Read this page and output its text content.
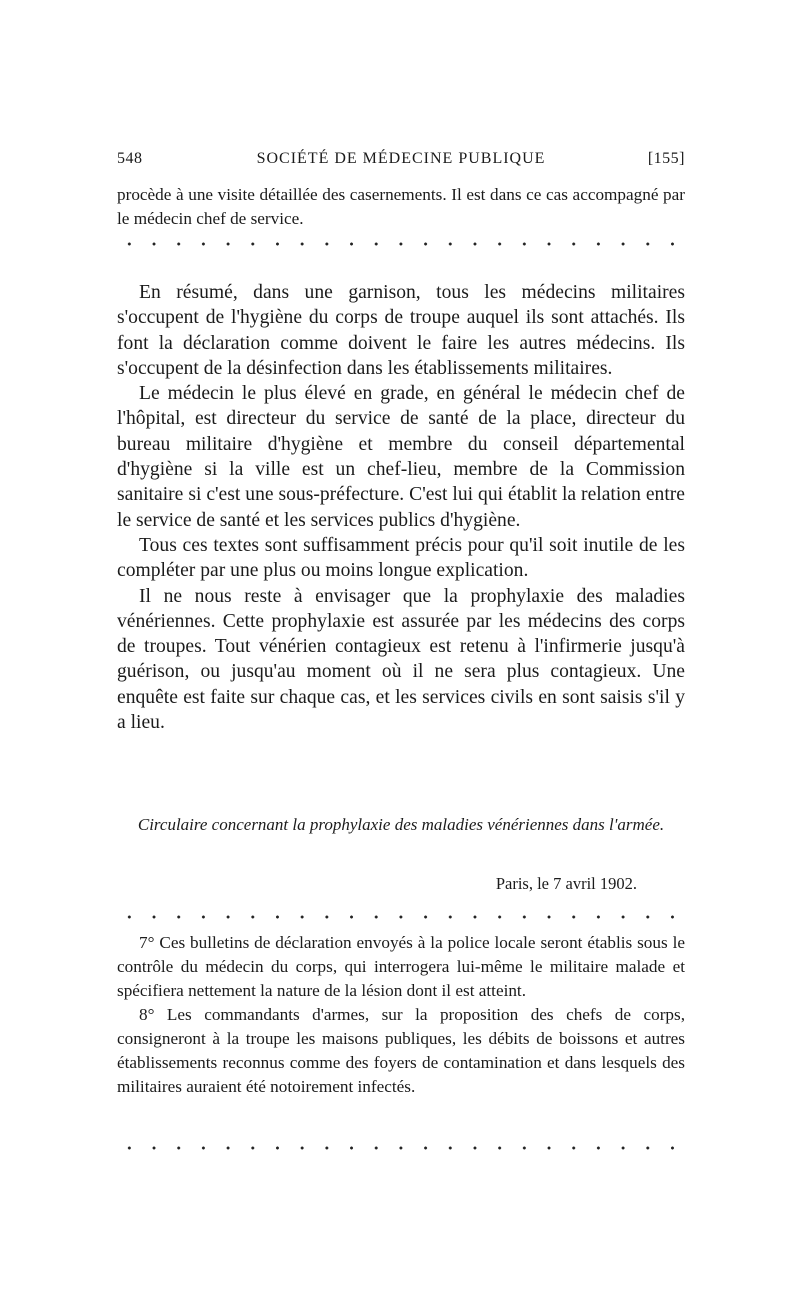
548	SOCIÉTÉ DE MÉDECINE PUBLIQUE	[155]

procède à une visite détaillée des casernements. Il est dans ce cas accompagné par le médecin chef de service.

En résumé, dans une garnison, tous les médecins militaires s'occupent de l'hygiène du corps de troupe auquel ils sont attachés. Ils font la déclaration comme doivent le faire les autres médecins. Ils s'occupent de la désinfection dans les établissements militaires.

Le médecin le plus élevé en grade, en général le médecin chef de l'hôpital, est directeur du service de santé de la place, directeur du bureau militaire d'hygiène et membre du conseil départemental d'hygiène si la ville est un chef-lieu, membre de la Commission sanitaire si c'est une sous-préfecture. C'est lui qui établit la relation entre le service de santé et les services publics d'hygiène.

Tous ces textes sont suffisamment précis pour qu'il soit inutile de les compléter par une plus ou moins longue explication.

Il ne nous reste à envisager que la prophylaxie des maladies vénériennes. Cette prophylaxie est assurée par les médecins des corps de troupes. Tout vénérien contagieux est retenu à l'infirmerie jusqu'à guérison, ou jusqu'au moment où il ne sera plus contagieux. Une enquête est faite sur chaque cas, et les services civils en sont saisis s'il y a lieu.

Circulaire concernant la prophylaxie des maladies vénériennes dans l'armée.
Paris, le 7 avril 1902.

7° Ces bulletins de déclaration envoyés à la police locale seront établis sous le contrôle du médecin du corps, qui interrogera lui-même le militaire malade et spécifiera nettement la nature de la lésion dont il est atteint.

8° Les commandants d'armes, sur la proposition des chefs de corps, consigneront à la troupe les maisons publiques, les débits de boissons et autres établissements reconnus comme des foyers de contamination et dans lesquels des militaires auraient été notoirement infectés.
